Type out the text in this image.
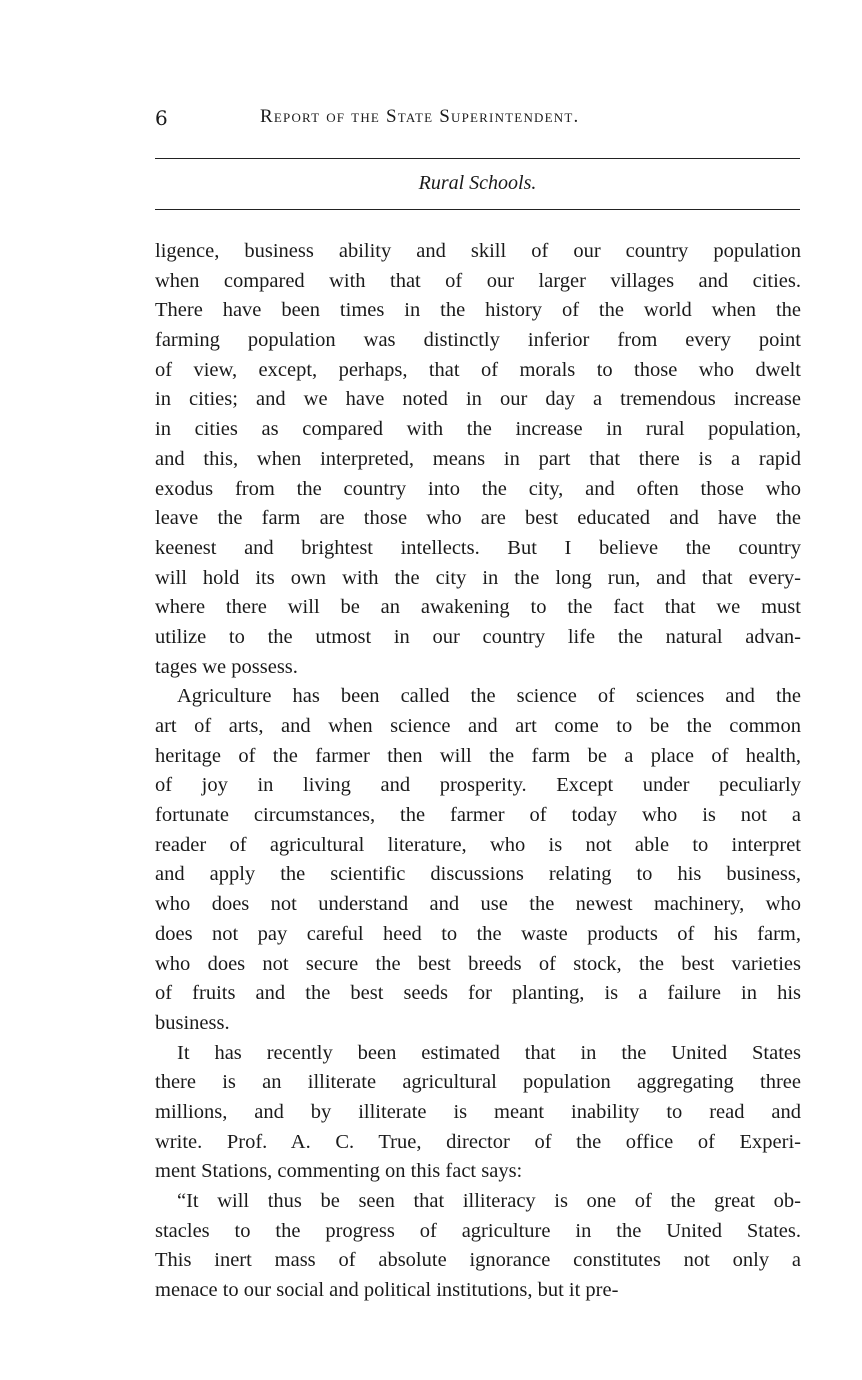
6	Report of the State Superintendent.
Rural Schools.
ligence, business ability and skill of our country population
when compared with that of our larger villages and cities.
There have been times in the history of the world when the
farming population was distinctly inferior from every point
of view, except, perhaps, that of morals to those who dwelt
in cities; and we have noted in our day a tremendous increase
in cities as compared with the increase in rural population,
and this, when interpreted, means in part that there is a rapid
exodus from the country into the city, and often those who
leave the farm are those who are best educated and have the
keenest and brightest intellects. But I believe the country
will hold its own with the city in the long run, and that every-
where there will be an awakening to the fact that we must
utilize to the utmost in our country life the natural advan-
tages we possess.
Agriculture has been called the science of sciences and the
art of arts, and when science and art come to be the common
heritage of the farmer then will the farm be a place of health,
of joy in living and prosperity. Except under peculiarly
fortunate circumstances, the farmer of today who is not a
reader of agricultural literature, who is not able to interpret
and apply the scientific discussions relating to his business,
who does not understand and use the newest machinery, who
does not pay careful heed to the waste products of his farm,
who does not secure the best breeds of stock, the best varieties
of fruits and the best seeds for planting, is a failure in his
business.
It has recently been estimated that in the United States
there is an illiterate agricultural population aggregating three
millions, and by illiterate is meant inability to read and
write. Prof. A. C. True, director of the office of Experi-
ment Stations, commenting on this fact says:
“It will thus be seen that illiteracy is one of the great ob-
stacles to the progress of agriculture in the United States.
This inert mass of absolute ignorance constitutes not only a
menace to our social and political institutions, but it pre-
